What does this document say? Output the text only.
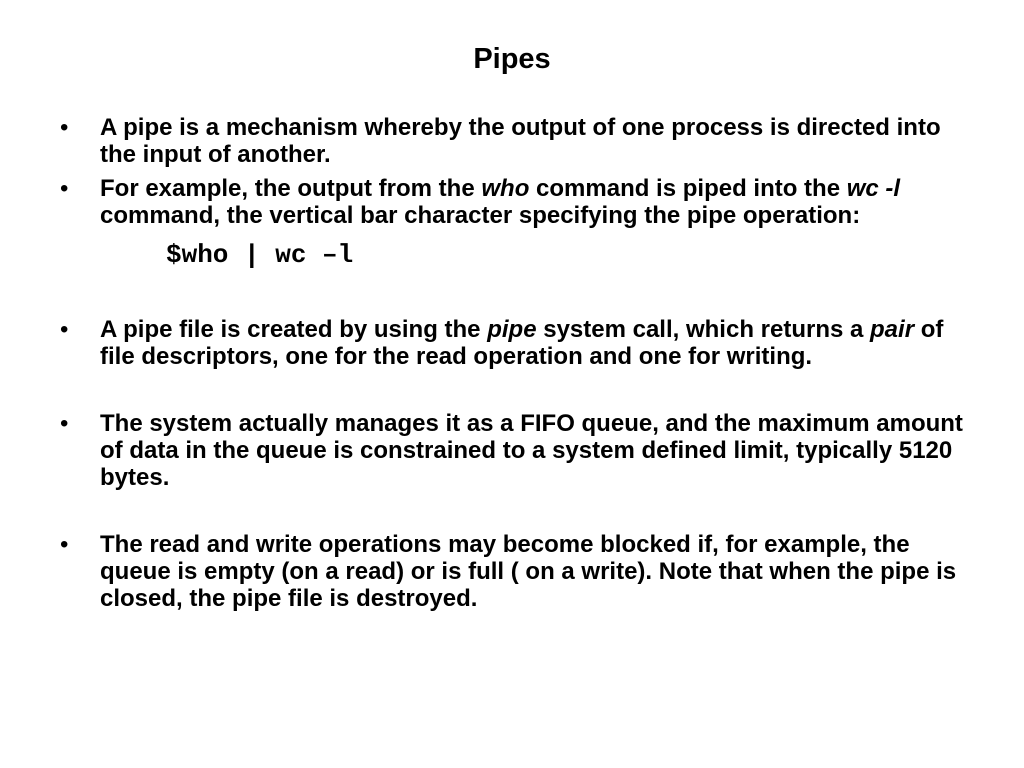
Pipes
• A pipe is a mechanism whereby the output of one process is directed into the input of another.
• For example, the output from the who command is piped into the wc -l command, the vertical bar character specifying the pipe operation:
$who | wc –l
• A pipe file is created by using the pipe system call, which returns a pair of file descriptors, one for the read operation and one for writing.
• The system actually manages it as a FIFO queue, and the maximum amount of data in the queue is constrained to a system defined limit, typically 5120 bytes.
• The read and write operations may become blocked if, for example, the queue is empty (on a read) or is full ( on a write). Note that when the pipe is closed, the pipe file is destroyed.
